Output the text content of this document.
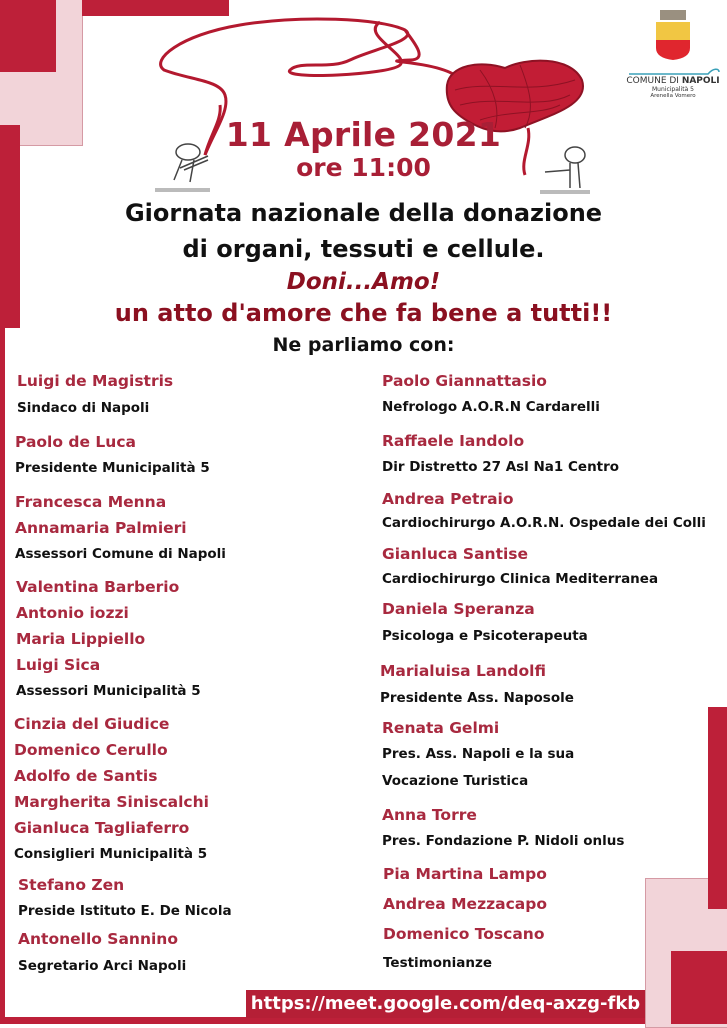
COMUNE DI NAPOLI
Municipalità 5
Arenella Vomero
11 Aprile 2021
ore 11:00
Giornata nazionale della donazione
di organi, tessuti e cellule.
Doni...Amo!
un atto d'amore che fa bene a tutti!!
Ne parliamo con:
Luigi de Magistris
Sindaco di Napoli
Paolo de Luca
Presidente Municipalità 5
Francesca Menna
Annamaria Palmieri
Assessori Comune di Napoli
Valentina Barberio
Antonio iozzi
Maria Lippiello
Luigi Sica
Assessori Municipalità 5
Cinzia del Giudice
Domenico Cerullo
Adolfo de Santis
Margherita Siniscalchi
Gianluca Tagliaferro
Consiglieri Municipalità 5
Stefano Zen
Preside Istituto E. De Nicola
Antonello Sannino
Segretario Arci Napoli
Paolo Giannattasio
Nefrologo A.O.R.N Cardarelli
Raffaele Iandolo
Dir Distretto 27 Asl Na1 Centro
Andrea Petraio
Cardiochirurgo A.O.R.N. Ospedale dei Colli
Gianluca Santise
Cardiochirurgo Clinica Mediterranea
Daniela Speranza
Psicologa e Psicoterapeuta
Marialuisa Landolfi
Presidente Ass. Naposole
Renata Gelmi
Pres. Ass. Napoli e la sua
Vocazione Turistica
Anna Torre
Pres. Fondazione P. Nidoli onlus
Pia Martina Lampo
Andrea Mezzacapo
Domenico Toscano
Testimonianze
https://meet.google.com/deq-axzg-fkb
